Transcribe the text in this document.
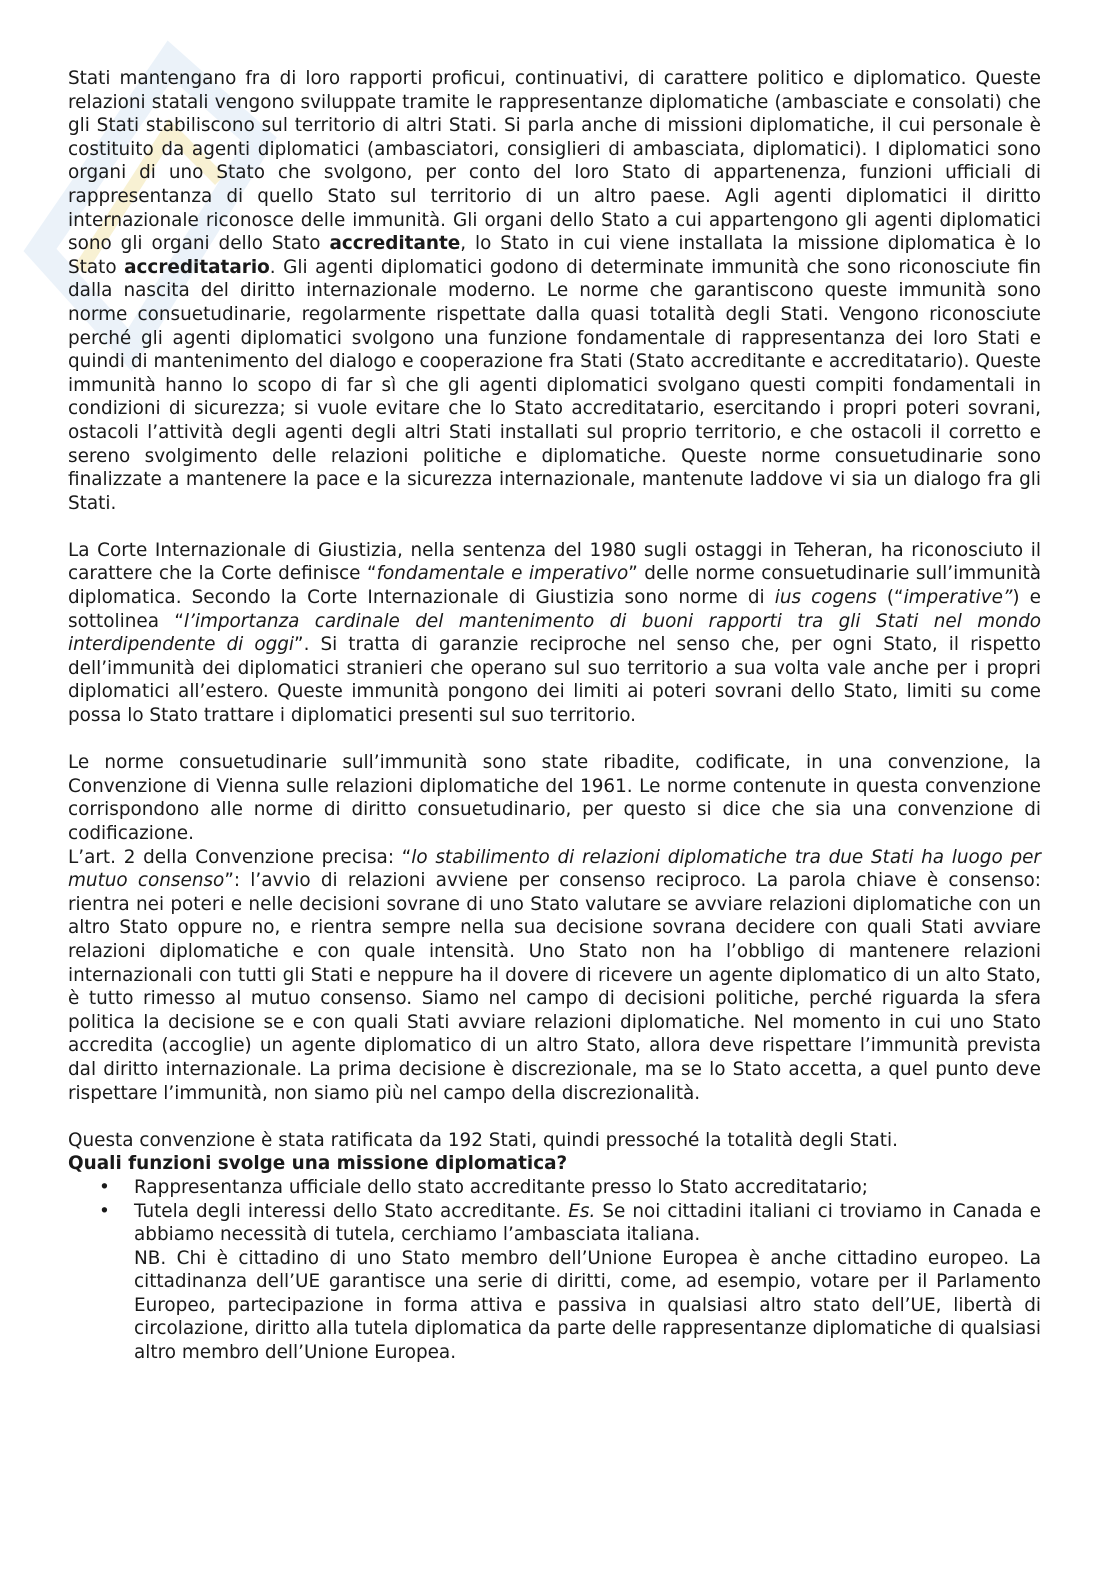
Stati mantengano fra di loro rapporti proficui, continuativi, di carattere politico e diplomatico. Queste relazioni statali vengono sviluppate tramite le rappresentanze diplomatiche (ambasciate e consolati) che gli Stati stabiliscono sul territorio di altri Stati. Si parla anche di missioni diplomatiche, il cui personale è costituito da agenti diplomatici (ambasciatori, consiglieri di ambasciata, diplomatici). I diplomatici sono organi di uno Stato che svolgono, per conto del loro Stato di appartenenza, funzioni ufficiali di rappresentanza di quello Stato sul territorio di un altro paese. Agli agenti diplomatici il diritto internazionale riconosce delle immunità. Gli organi dello Stato a cui appartengono gli agenti diplomatici sono gli organi dello Stato accreditante, lo Stato in cui viene installata la missione diplomatica è lo Stato accreditatario. Gli agenti diplomatici godono di determinate immunità che sono riconosciute fin dalla nascita del diritto internazionale moderno. Le norme che garantiscono queste immunità sono norme consuetudinarie, regolarmente rispettate dalla quasi totalità degli Stati. Vengono riconosciute perché gli agenti diplomatici svolgono una funzione fondamentale di rappresentanza dei loro Stati e quindi di mantenimento del dialogo e cooperazione fra Stati (Stato accreditante e accreditatario). Queste immunità hanno lo scopo di far sì che gli agenti diplomatici svolgano questi compiti fondamentali in condizioni di sicurezza; si vuole evitare che lo Stato accreditatario, esercitando i propri poteri sovrani, ostacoli l’attività degli agenti degli altri Stati installati sul proprio territorio, e che ostacoli il corretto e sereno svolgimento delle relazioni politiche e diplomatiche. Queste norme consuetudinarie sono finalizzate a mantenere la pace e la sicurezza internazionale, mantenute laddove vi sia un dialogo fra gli Stati.

La Corte Internazionale di Giustizia, nella sentenza del 1980 sugli ostaggi in Teheran, ha riconosciuto il carattere che la Corte definisce “fondamentale e imperativo” delle norme consuetudinarie sull’immunità diplomatica. Secondo la Corte Internazionale di Giustizia sono norme di ius cogens (“imperative”) e sottolinea “l’importanza cardinale del mantenimento di buoni rapporti tra gli Stati nel mondo interdipendente di oggi”. Si tratta di garanzie reciproche nel senso che, per ogni Stato, il rispetto dell’immunità dei diplomatici stranieri che operano sul suo territorio a sua volta vale anche per i propri diplomatici all’estero. Queste immunità pongono dei limiti ai poteri sovrani dello Stato, limiti su come possa lo Stato trattare i diplomatici presenti sul suo territorio.

Le norme consuetudinarie sull’immunità sono state ribadite, codificate, in una convenzione, la Convenzione di Vienna sulle relazioni diplomatiche del 1961. Le norme contenute in questa convenzione corrispondono alle norme di diritto consuetudinario, per questo si dice che sia una convenzione di codificazione.

L’art. 2 della Convenzione precisa: “lo stabilimento di relazioni diplomatiche tra due Stati ha luogo per mutuo consenso”: l’avvio di relazioni avviene per consenso reciproco. La parola chiave è consenso: rientra nei poteri e nelle decisioni sovrane di uno Stato valutare se avviare relazioni diplomatiche con un altro Stato oppure no, e rientra sempre nella sua decisione sovrana decidere con quali Stati avviare relazioni diplomatiche e con quale intensità. Uno Stato non ha l’obbligo di mantenere relazioni internazionali con tutti gli Stati e neppure ha il dovere di ricevere un agente diplomatico di un alto Stato, è tutto rimesso al mutuo consenso. Siamo nel campo di decisioni politiche, perché riguarda la sfera politica la decisione se e con quali Stati avviare relazioni diplomatiche. Nel momento in cui uno Stato accredita (accoglie) un agente diplomatico di un altro Stato, allora deve rispettare l’immunità prevista dal diritto internazionale. La prima decisione è discrezionale, ma se lo Stato accetta, a quel punto deve rispettare l’immunità, non siamo più nel campo della discrezionalità.

Questa convenzione è stata ratificata da 192 Stati, quindi pressoché la totalità degli Stati.

Quali funzioni svolge una missione diplomatica?
• Rappresentanza ufficiale dello stato accreditante presso lo Stato accreditatario;
• Tutela degli interessi dello Stato accreditante. Es. Se noi cittadini italiani ci troviamo in Canada e abbiamo necessità di tutela, cerchiamo l’ambasciata italiana.

NB. Chi è cittadino di uno Stato membro dell’Unione Europea è anche cittadino europeo. La cittadinanza dell’UE garantisce una serie di diritti, come, ad esempio, votare per il Parlamento Europeo, partecipazione in forma attiva e passiva in qualsiasi altro stato dell’UE, libertà di circolazione, diritto alla tutela diplomatica da parte delle rappresentanze diplomatiche di qualsiasi altro membro dell’Unione Europea.
